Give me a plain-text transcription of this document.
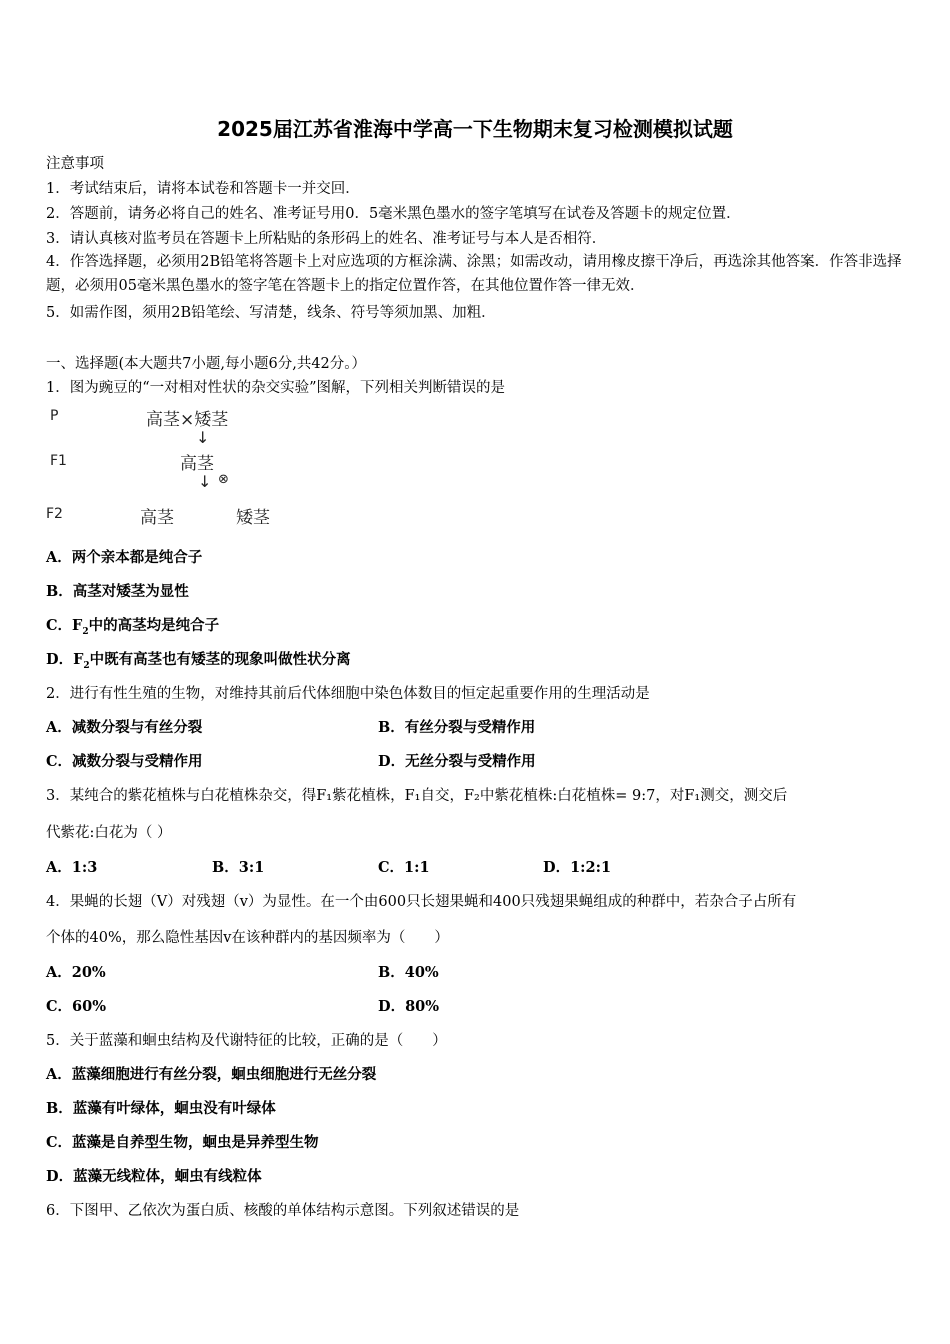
2025届江苏省淮海中学高一下生物期末复习检测模拟试题
注意事项
1．考试结束后，请将本试卷和答题卡一并交回．
2．答题前，请务必将自己的姓名、准考证号用0．5毫米黑色墨水的签字笔填写在试卷及答题卡的规定位置．
3．请认真核对监考员在答题卡上所粘贴的条形码上的姓名、准考证号与本人是否相符．
4．作答选择题，必须用2B铅笔将答题卡上对应选项的方框涂满、涂黑；如需改动，请用橡皮擦干净后，再选涂其他答案．作答非选择题，必须用05毫米黑色墨水的签字笔在答题卡上的指定位置作答，在其他位置作答一律无效．
5．如需作图，须用2B铅笔绘、写清楚，线条、符号等须加黑、加粗．
一、选择题(本大题共7小题,每小题6分,共42分。）
1．图为豌豆的“一对相对性状的杂交实验”图解，下列相关判断错误的是
P	高茎×矮茎
↓
F1	高茎
↓ ⊗
F2	高茎	矮茎
A．两个亲本都是纯合子
B．高茎对矮茎为显性
C．$F_2$中的高茎均是纯合子
D．$F_2$中既有高茎也有矮茎的现象叫做性状分离
2．进行有性生殖的生物，对维持其前后代体细胞中染色体数目的恒定起重要作用的生理活动是
A．减数分裂与有丝分裂	B．有丝分裂与受精作用
C．减数分裂与受精作用	D．无丝分裂与受精作用
3．某纯合的紫花植株与白花植株杂交，得F₁紫花植株，F₁自交，F₂中紫花植株:白花植株= 9:7，对F₁测交，测交后
代紫花:白花为（ ）
A．1:3	B．3:1	C．1:1	D．1:2:1
4．果蝇的长翅（V）对残翅（v）为显性。在一个由600只长翅果蝇和400只残翅果蝇组成的种群中，若杂合子占所有
个体的40%，那么隐性基因v在该种群内的基因频率为（　　）
A．20%	B．40%
C．60%	D．80%
5．关于蓝藻和蛔虫结构及代谢特征的比较，正确的是（　　）
A．蓝藻细胞进行有丝分裂，蛔虫细胞进行无丝分裂
B．蓝藻有叶绿体，蛔虫没有叶绿体
C．蓝藻是自养型生物，蛔虫是异养型生物
D．蓝藻无线粒体，蛔虫有线粒体
6．下图甲、乙依次为蛋白质、核酸的单体结构示意图。下列叙述错误的是
